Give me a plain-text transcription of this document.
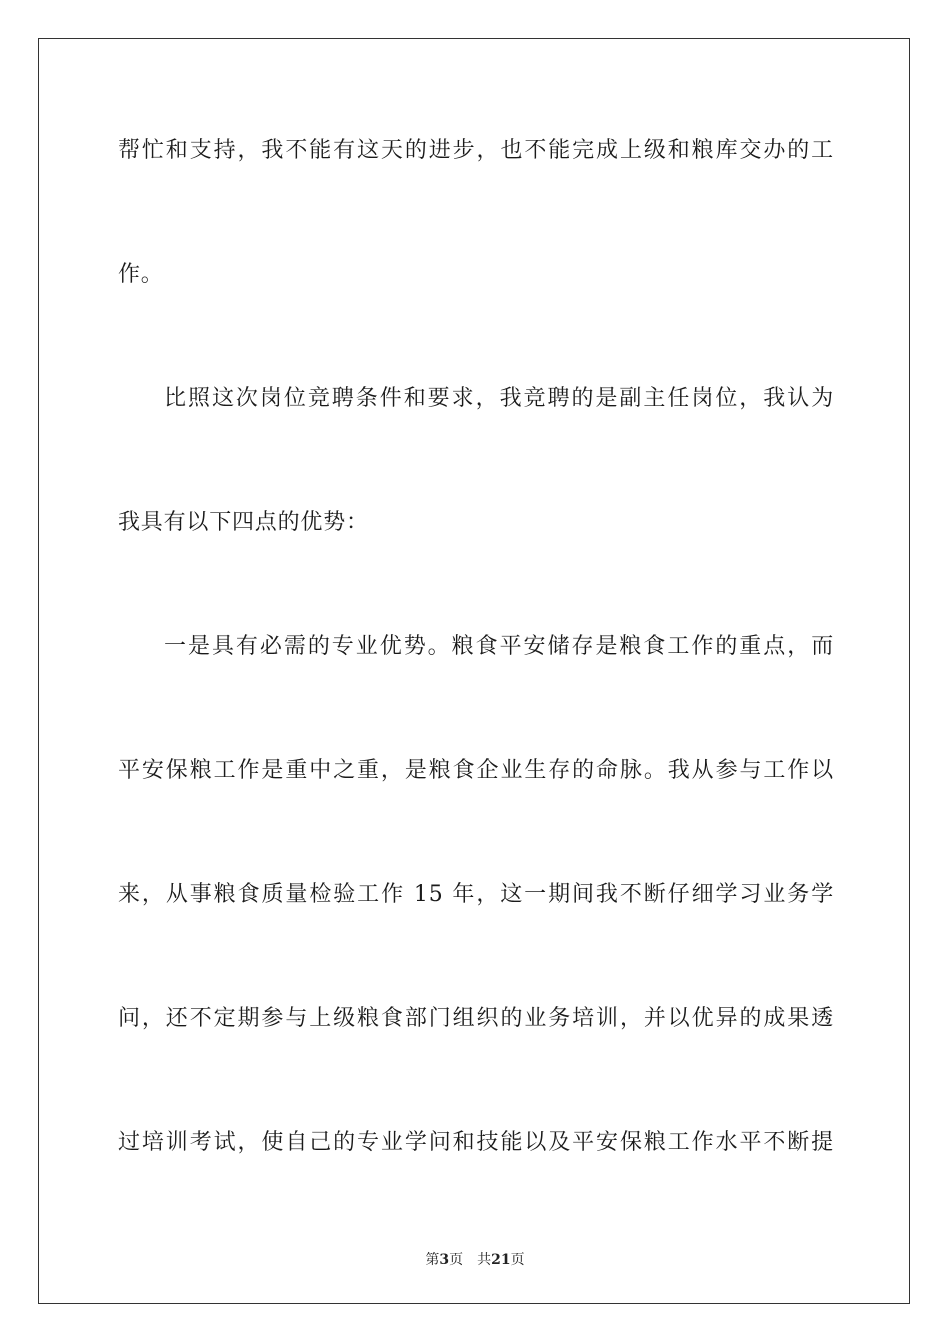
帮忙和支持，我不能有这天的进步，也不能完成上级和粮库交办的工
作。
比照这次岗位竞聘条件和要求，我竞聘的是副主任岗位，我认为
我具有以下四点的优势：
一是具有必需的专业优势。粮食平安储存是粮食工作的重点，而
平安保粮工作是重中之重，是粮食企业生存的命脉。我从参与工作以
来，从事粮食质量检验工作 15 年，这一期间我不断仔细学习业务学
问，还不定期参与上级粮食部门组织的业务培训，并以优异的成果透
过培训考试，使自己的专业学问和技能以及平安保粮工作水平不断提
第3页 共21页
